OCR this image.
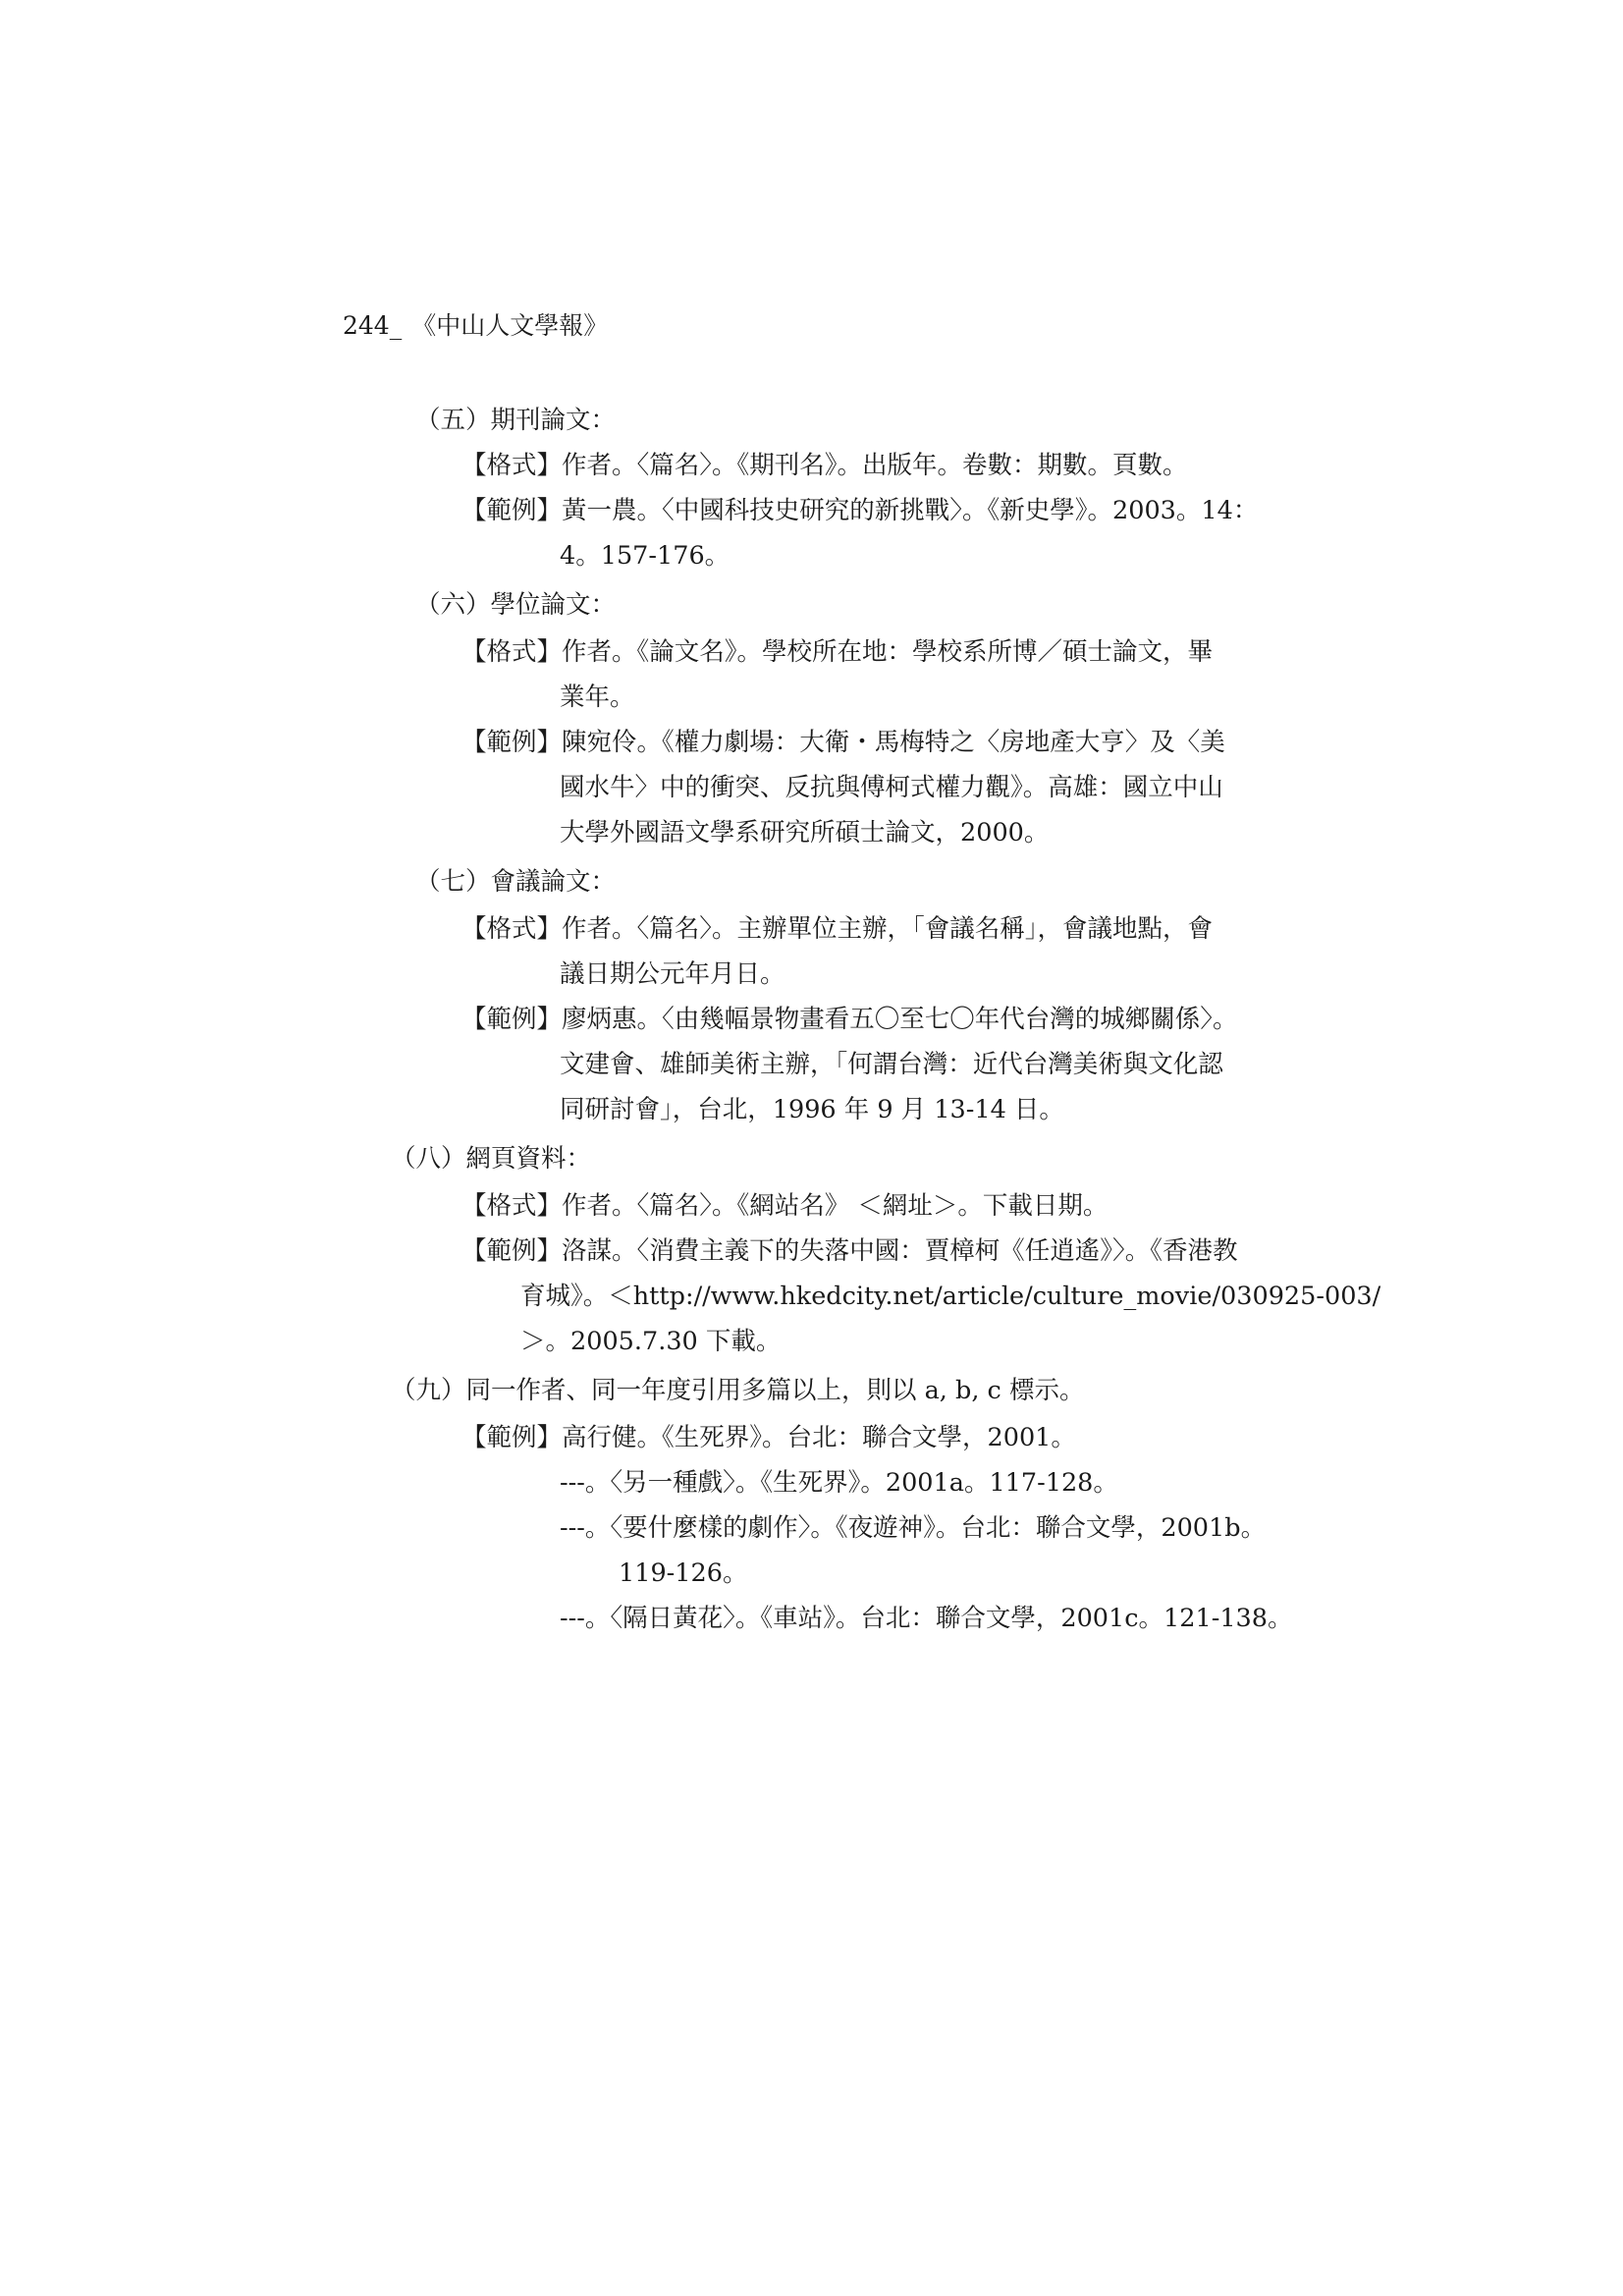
244_ 《中山人文學報》
（五）期刊論文：
【格式】作者。〈篇名〉。《期刊名》。出版年。卷數：期數。頁數。
【範例】黃一農。〈中國科技史研究的新挑戰〉。《新史學》。2003。14：
4。157-176。
（六）學位論文：
【格式】作者。《論文名》。學校所在地：學校系所博／碩士論文，畢
業年。
【範例】陳宛伶。《權力劇場：大衛・馬梅特之〈房地產大亨〉及〈美
國水牛〉中的衝突、反抗與傅柯式權力觀》。高雄：國立中山
大學外國語文學系研究所碩士論文，2000。
（七）會議論文：
【格式】作者。〈篇名〉。主辦單位主辦，「會議名稱」，會議地點，會
議日期公元年月日。
【範例】廖炳惠。〈由幾幅景物畫看五〇至七〇年代台灣的城鄉關係〉。
文建會、雄師美術主辦，「何謂台灣：近代台灣美術與文化認
同研討會」，台北，1996 年 9 月 13-14 日。
（八）網頁資料：
【格式】作者。〈篇名〉。《網站名》 ＜網址＞。下載日期。
【範例】洛謀。〈消費主義下的失落中國：賈樟柯《任逍遙》〉。《香港教
育城》。＜http://www.hkedcity.net/article/culture_movie/030925-003/
＞。2005.7.30 下載。
（九）同一作者、同一年度引用多篇以上，則以 a, b, c 標示。
【範例】高行健。《生死界》。台北：聯合文學，2001。
---。〈另一種戲〉。《生死界》。2001a。117-128。
---。〈要什麼樣的劇作〉。《夜遊神》。台北：聯合文學，2001b。
119-126。
---。〈隔日黃花〉。《車站》。台北：聯合文學，2001c。121-138。
